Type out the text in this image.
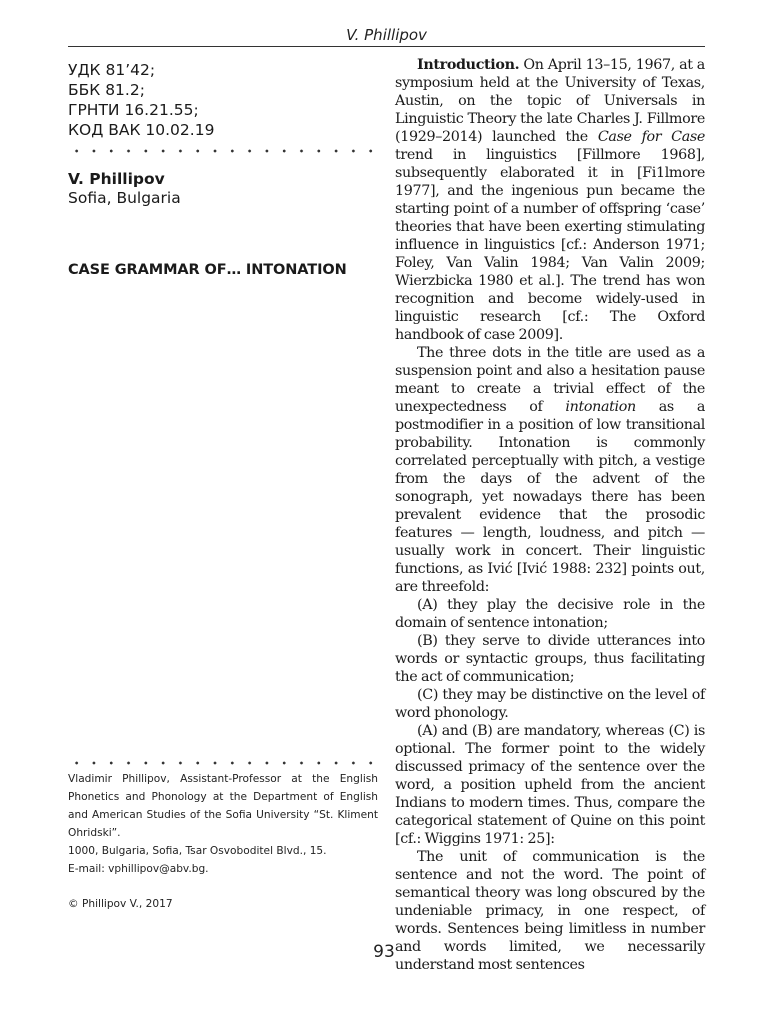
V. Phillipov
УДК 81’42;
ББК 81.2;
ГРНТИ 16.21.55;
КОД ВАК 10.02.19
V. Phillipov
Sofia, Bulgaria
CASE GRAMMAR OF… INTONATION

Introduction. On April 13–15, 1967, at a symposium held at the University of Texas, Austin, on the topic of Universals in Linguistic Theory the late Charles J. Fillmore (1929–2014) launched the Case for Case trend in linguistics [Fillmore 1968], subsequently elaborated it in [Fi1lmore 1977], and the ingenious pun became the starting point of a number of offspring ‘case’ theories that have been exerting stimulating influence in linguistics [cf.: Anderson 1971; Foley, Van Valin 1984; Van Valin 2009; Wierzbicka 1980 et al.]. The trend has won recognition and become widely-used in linguistic research [cf.: The Oxford handbook of case 2009].

The three dots in the title are used as a suspension point and also a hesitation pause meant to create a trivial effect of the unexpectedness of intonation as a postmodifier in a position of low transitional probability. Intonation is commonly correlated perceptually with pitch, a vestige from the days of the advent of the sonograph, yet nowadays there has been prevalent evidence that the prosodic features — length, loudness, and pitch — usually work in concert. Their linguistic functions, as Ivić [Ivić 1988: 232] points out, are threefold:

(A) they play the decisive role in the domain of sentence intonation;

(B) they serve to divide utterances into words or syntactic groups, thus facilitating the act of communication;

(C) they may be distinctive on the level of word phonology.

(A) and (B) are mandatory, whereas (C) is optional. The former point to the widely discussed primacy of the sentence over the word, a position upheld from the ancient Indians to modern times. Thus, compare the categorical statement of Quine on this point [cf.: Wiggins 1971: 25]:

The unit of communication is the sentence and not the word. The point of semantical theory was long obscured by the undeniable primacy, in one respect, of words. Sentences being limitless in number and words limited, we necessarily understand most sentences

Vladimir Phillipov, Assistant-Professor at the English Phonetics and Phonology at the Department of English and American Studies of the Sofia University “St. Kliment Ohridski”.

1000, Bulgaria, Sofia, Tsar Osvoboditel Blvd., 15.

E-mail: vphillipov@abv.bg.

© Phillipov V., 2017
93
